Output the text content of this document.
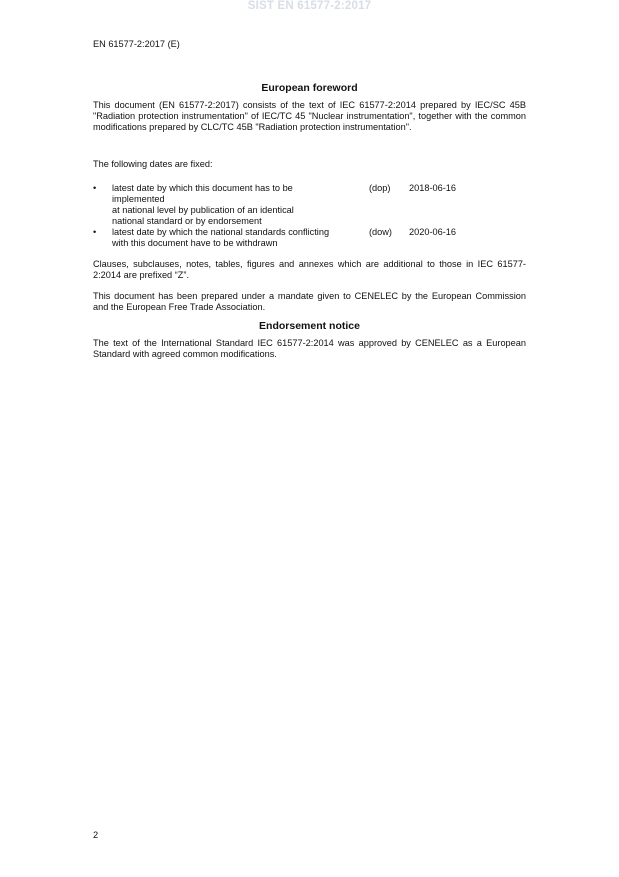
SIST EN 61577-2:2017
EN 61577-2:2017 (E)
European foreword

This document (EN 61577-2:2017) consists of the text of IEC 61577-2:2014 prepared by IEC/SC 45B "Radiation protection instrumentation" of IEC/TC 45 "Nuclear instrumentation", together with the common modifications prepared by CLC/TC 45B "Radiation protection instrumentation".

The following dates are fixed:

• latest date by which this document has to be
implemented
at national level by publication of an identical
national standard or by endorsement
(dop)	2018-06-16
• latest date by which the national standards conflicting
with this document have to be withdrawn
(dow)	2020-06-16

Clauses, subclauses, notes, tables, figures and annexes which are additional to those in IEC 61577-2:2014 are prefixed “Z”.

This document has been prepared under a mandate given to CENELEC by the European Commission and the European Free Trade Association.

Endorsement notice

The text of the International Standard IEC 61577-2:2014 was approved by CENELEC as a European Standard with agreed common modifications.

2
